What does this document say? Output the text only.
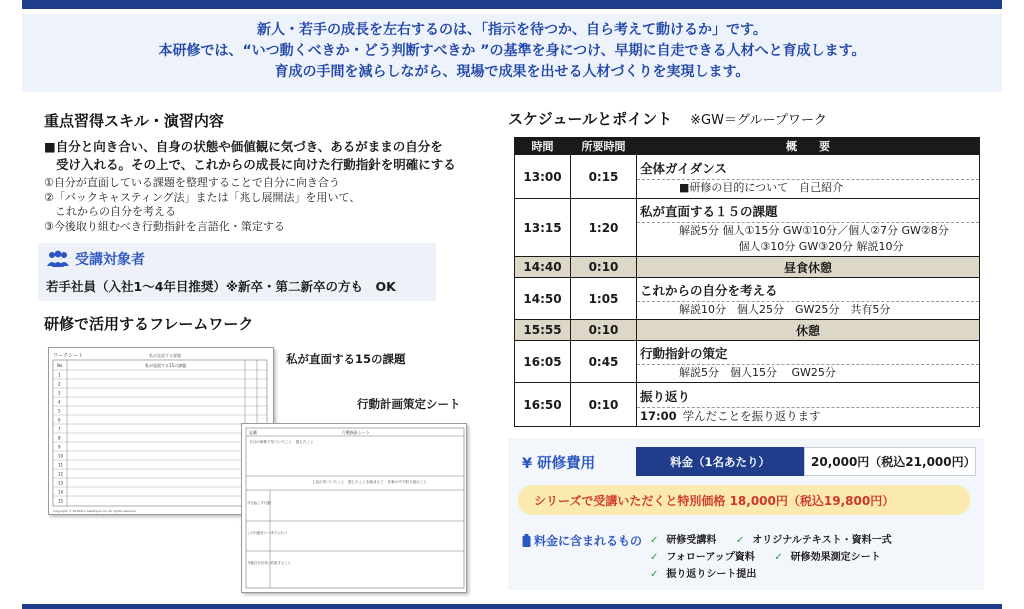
新人・若手の成長を左右するのは、「指示を待つか、自ら考えて動けるか」です。
本研修では、“いつ動くべきか・どう判断すべきか ”の基準を身につけ、早期に自走できる人材へと育成します。
育成の手間を減らしながら、現場で成果を出せる人材づくりを実現します。
重点習得スキル・演習内容
■自分と向き合い、自身の状態や価値観に気づき、あるがままの自分を
受け入れる。その上で、これからの成長に向けた行動指針を明確にする
①自分が直面している課題を整理することで自分に向き合う
②「バックキャスティング法」または「兆し展開法」を用いて、
　これからの自分を考える
③今後取り組むべき行動指針を言語化・策定する
受講対象者
若手社員（入社1～4年目推奨）※新卒・第二新卒の方も　OK
研修で活用するフレームワーク
ワークシート	私が直面する課題
No	私が直面する15の課題
1
2
3
4
5
6
7
8
9
10
11
12
13
14
15
Copyright © 2019Sou Sekitiguro.Inc All rights reserved.
私が直面する15の課題
行動計画策定シート
記載	行動指針シート
今日の研修で気づいたこと　感じたこと
上記の気づいたこと　感じたことを踏まえて　仕事の中で取り組むこと
今日起こす行動
この行動をいつまでに行う
今後自分自身に約束すること
スケジュールとポイント ※GW＝グループワーク
時間	所要時間	概　　要
13:00	0:15	全体ガイダンス
■研修の目的について　自己紹介

13:15	1:20	私が直面する１５の課題
解説5分 個人①15分 GW①10分／個人②7分 GW②8分
個人③10分 GW③20分 解説10分

14:40	0:10	昼食休憩
14:50	1:05	これからの自分を考える
解説10分　個人25分　GW25分　共有5分

15:55	0:10	休憩
16:05	0:45	行動指針の策定
解説5分　個人15分　 GW25分

16:50	0:10	振り返り
17:00 学んだことを振り返ります
¥ 研修費用	料金（1名あたり）	20,000円（税込21,000円）
シリーズで受講いただくと特別価格 18,000円（税込19,800円）
料金に含まれるもの ✓ 研修受講料 ✓ オリジナルテキスト・資料一式 ✓ フォローアップ資料 ✓ 研修効果測定シート ✓ 振り返りシート提出
